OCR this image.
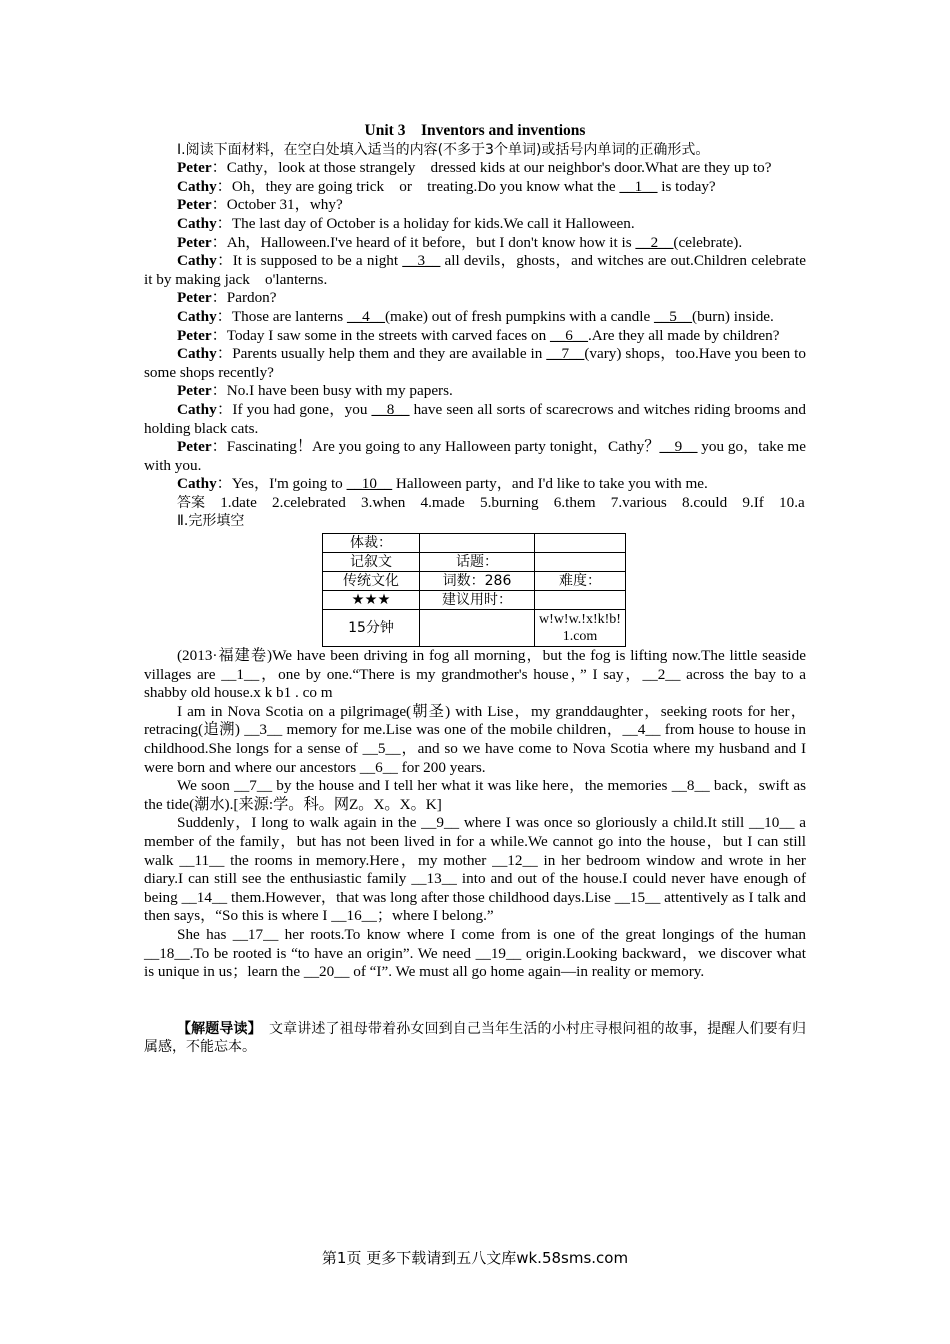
Unit 3　Inventors and inventions

Ⅰ.阅读下面材料，在空白处填入适当的内容(不多于3个单词)或括号内单词的正确形式。

Peter：Cathy，look at those strangely　dressed kids at our neighbor's door.What are they up to?

Cathy：Oh，they are going trick　or　treating.Do you know what the __1__ is today?

Peter：October 31，why?

Cathy：The last day of October is a holiday for kids.We call it Halloween.

Peter：Ah，Halloween.I've heard of it before，but I don't know how it is __2__(celebrate).

Cathy：It is supposed to be a night __3__ all devils，ghosts，and witches are out.Children celebrate it by making jack　o'lanterns.

Peter：Pardon?

Cathy：Those are lanterns __4__(make) out of fresh pumpkins with a candle __5__(burn) inside.

Peter：Today I saw some in the streets with carved faces on __6__.Are they all made by children?

Cathy：Parents usually help them and they are available in __7__(vary) shops，too.Have you been to some shops recently?

Peter：No.I have been busy with my papers.

Cathy：If you had gone，you __8__ have seen all sorts of scarecrows and witches riding brooms and holding black cats.

Peter：Fascinating！Are you going to any Halloween party tonight，Cathy？__9__ you go，take me with you.

Cathy：Yes，I'm going to __10__ Halloween party，and I'd like to take you with me.

答案　1.date　2.celebrated　3.when　4.made　5.burning　6.them　7.various　8.could　9.If　10.a

Ⅱ.完形填空

体裁：		
记叙文	话题：	
传统文化	词数：286	难度：
★★★	建议用时：	
15分钟		w!w!w.!x!k!b!1.com

(2013·福建卷)We have been driving in fog all morning，but the fog is lifting now.The little seaside villages are __1__，one by one.“There is my grandmother's house，” I say，__2__ across the bay to a shabby old house.x k b1 . co m

I am in Nova Scotia on a pilgrimage(朝圣) with Lise，my granddaughter，seeking roots for her，retracing(追溯) __3__ memory for me.Lise was one of the mobile children，__4__ from house to house in childhood.She longs for a sense of __5__，and so we have come to Nova Scotia where my husband and I were born and where our ancestors __6__ for 200 years.

We soon __7__ by the house and I tell her what it was like here，the memories __8__ back，swift as the tide(潮水).[来源:学。科。网Z。X。X。K]

Suddenly，I long to walk again in the __9__ where I was once so gloriously a child.It still __10__ a member of the family，but has not been lived in for a while.We cannot go into the house，but I can still walk __11__ the rooms in memory.Here，my mother __12__ in her bedroom window and wrote in her diary.I can still see the enthusiastic family __13__ into and out of the house.I could never have enough of being __14__ them.However，that was long after those childhood days.Lise __15__ attentively as I talk and then says，“So this is where I __16__；where I belong.”

She has __17__ her roots.To know where I come from is one of the great longings of the human __18__.To be rooted is “to have an origin”. We need __19__ origin.Looking backward，we discover what is unique in us；learn the __20__ of “I”. We must all go home again—in reality or memory.

【解题导读】　文章讲述了祖母带着孙女回到自己当年生活的小村庄寻根问祖的故事，提醒人们要有归属感，不能忘本。

第1页 更多下载请到五八文库wk.58sms.com
